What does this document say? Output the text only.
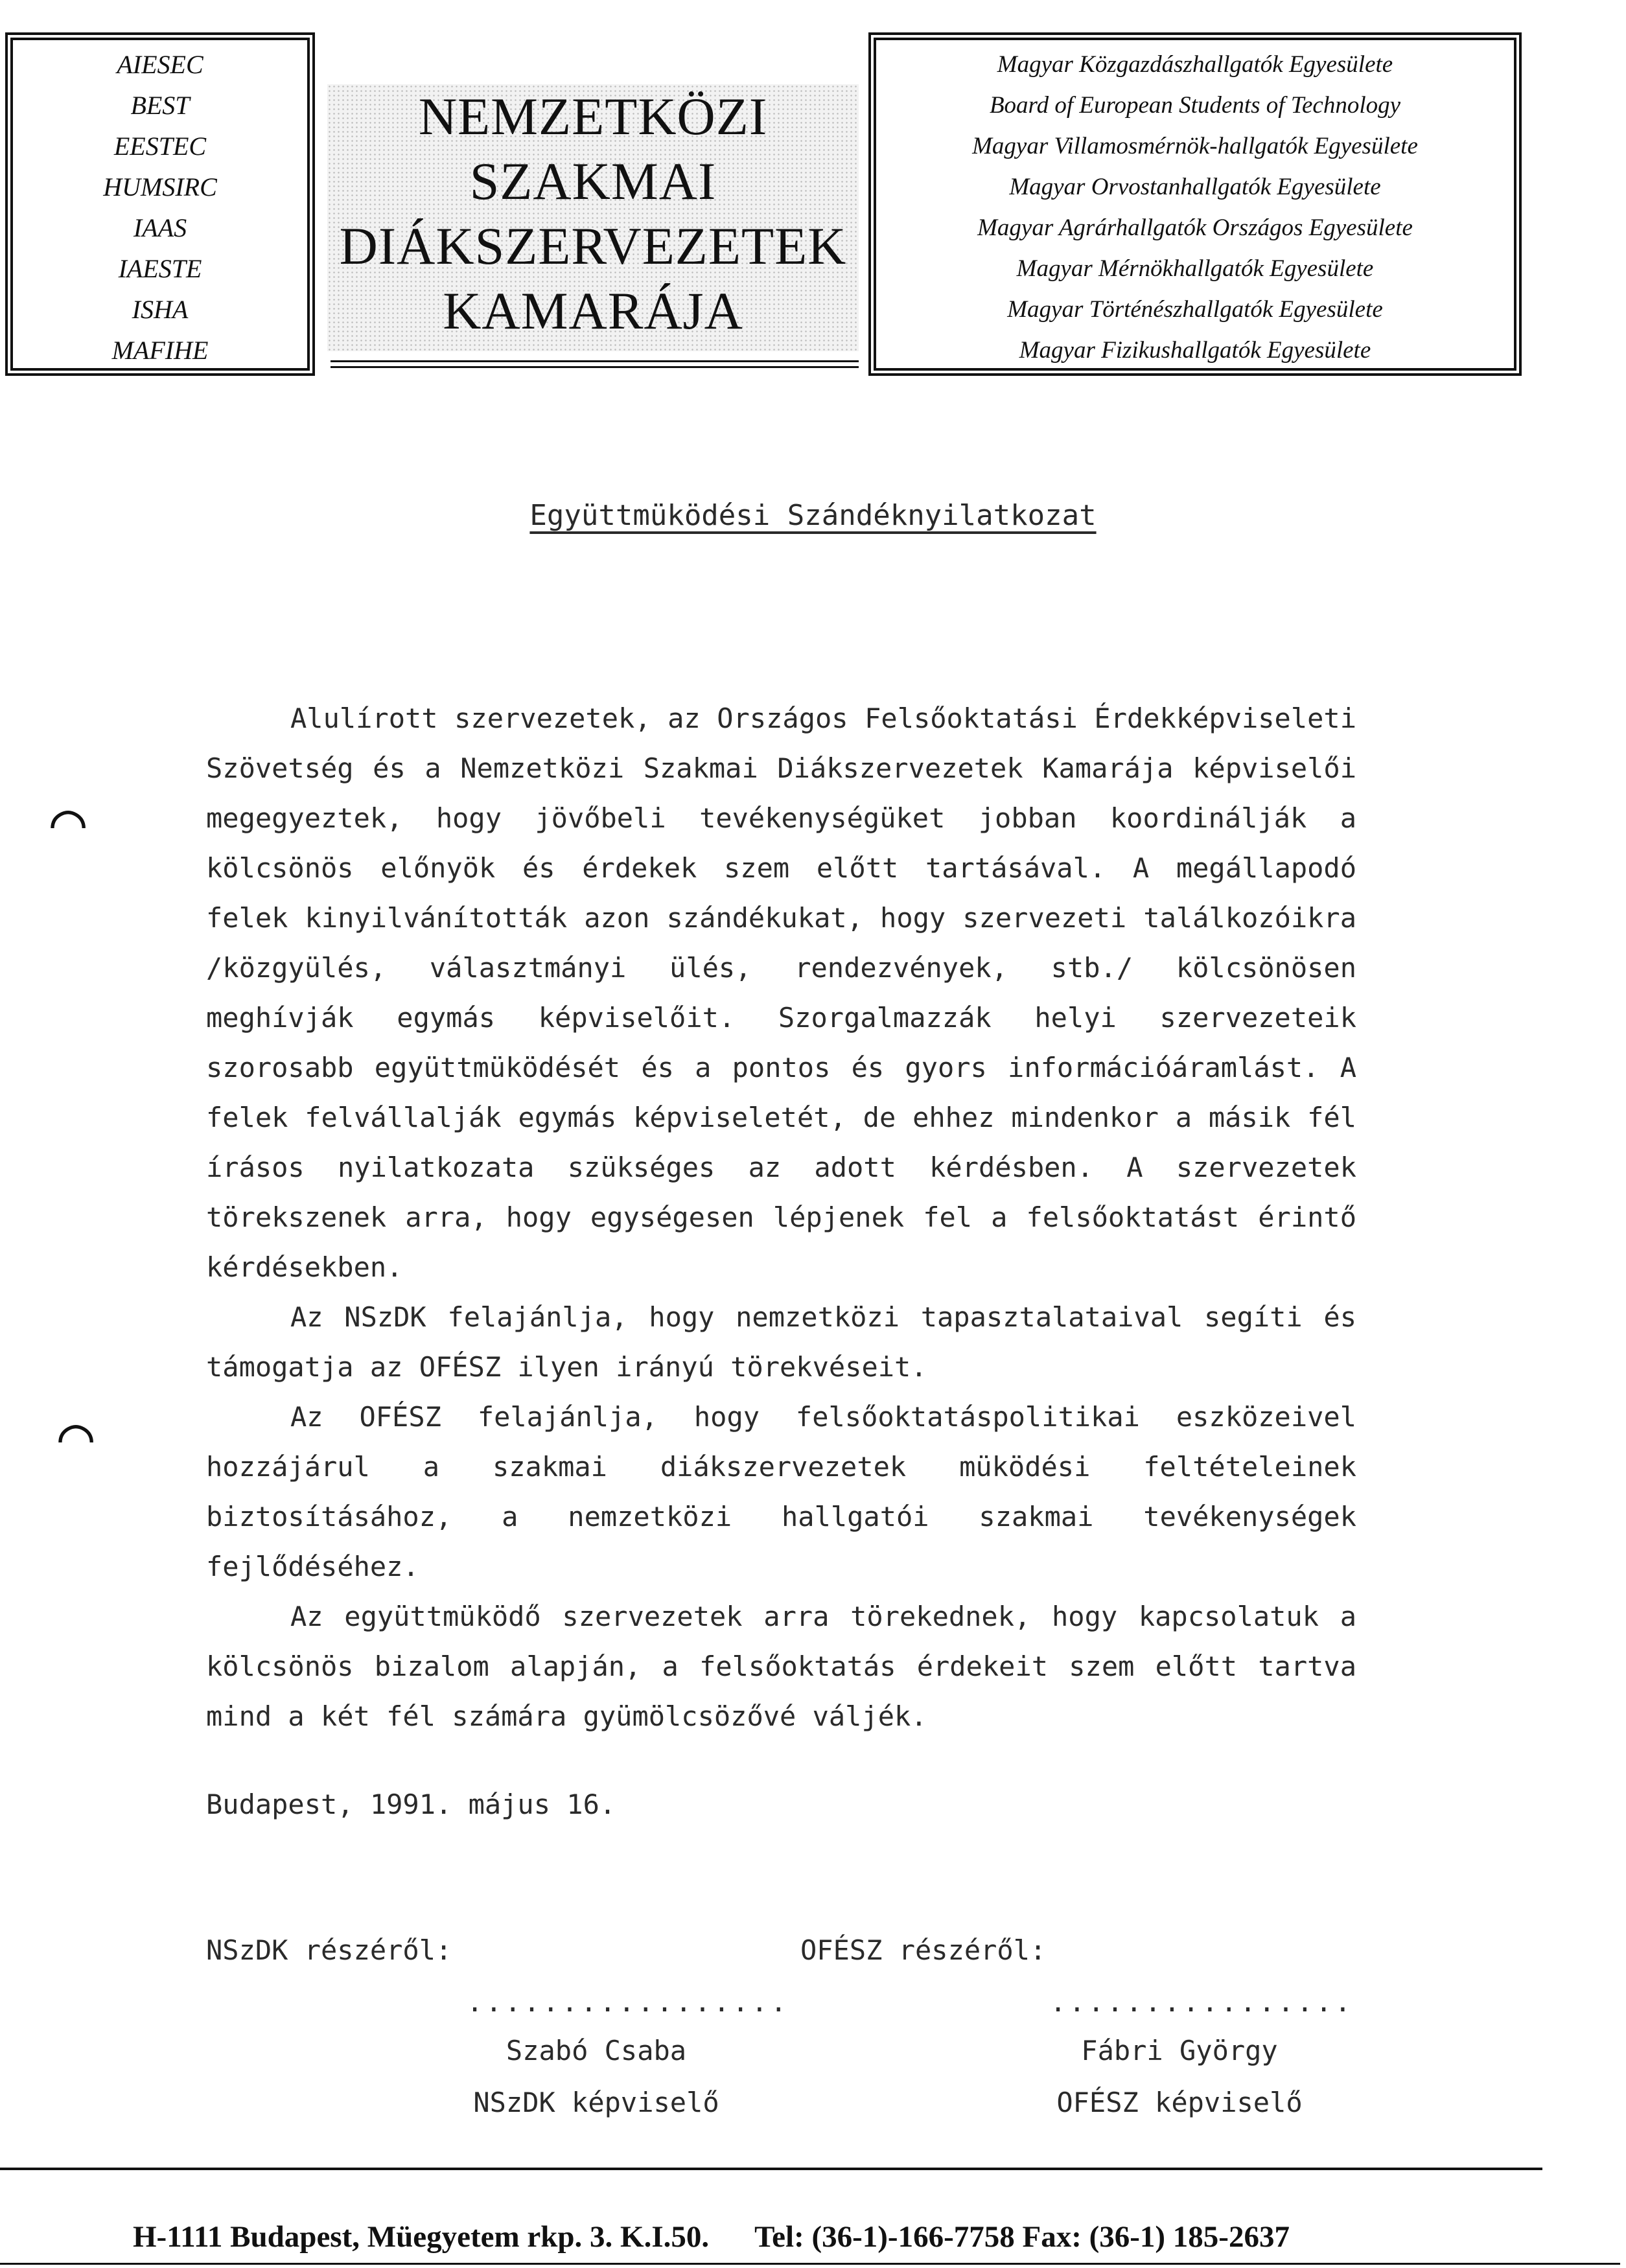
AIESEC
BEST
EESTEC
HUMSIRC
IAAS
IAESTE
ISHA
MAFIHE
NEMZETKÖZI
SZAKMAI
DIÁKSZERVEZETEK
KAMARÁJA
Magyar Közgazdászhallgatók Egyesülete
Board of European Students of Technology
Magyar Villamosmérnök-hallgatók Egyesülete
Magyar Orvostanhallgatók Egyesülete
Magyar Agrárhallgatók Országos Egyesülete
Magyar Mérnökhallgatók Egyesülete
Magyar Történészhallgatók Egyesülete
Magyar Fizikushallgatók Egyesülete
Együttmüködési Szándéknyilatkozat
⌒
⌒

Alulírott szervezetek, az Országos Felsőoktatási Érdekképviseleti Szövetség és a Nemzetközi Szakmai Diákszervezetek Kamarája képviselői megegyeztek, hogy jövőbeli tevékenységüket jobban koordinálják a kölcsönös előnyök és érdekek szem előtt tartásával. A megállapodó felek kinyilvánították azon szándékukat, hogy szervezeti találkozóikra /közgyülés, választmányi ülés, rendezvények, stb./ kölcsönösen meghívják egymás képviselőit. Szorgalmazzák helyi szervezeteik szorosabb együttmüködését és a pontos és gyors információáramlást. A felek felvállalják egymás képviseletét, de ehhez mindenkor a másik fél írásos nyilatkozata szükséges az adott kérdésben. A szervezetek törekszenek arra, hogy egységesen lépjenek fel a felsőoktatást érintő kérdésekben.

Az NSzDK felajánlja, hogy nemzetközi tapasztalataival segíti és támogatja az OFÉSZ ilyen irányú törekvéseit.

Az OFÉSZ felajánlja, hogy felsőoktatáspolitikai eszközeivel hozzájárul a szakmai diákszervezetek müködési feltételeinek biztosításához, a nemzetközi hallgatói szakmai tevékenységek fejlődéséhez.

Az együttmüködő szervezetek arra törekednek, hogy kapcsolatuk a kölcsönös bizalom alapján, a felsőoktatás érdekeit szem előtt tartva mind a két fél számára gyümölcsözővé váljék.

Budapest, 1991. május 16.
NSzDK részéről:	OFÉSZ részéről:
.................	................
Szabó Csaba	Fábri György
NSzDK képviselő	OFÉSZ képviselő
H-1111 Budapest, Müegyetem rkp. 3. K.I.50. Tel: (36-1)-166-7758 Fax: (36-1) 185-2637
